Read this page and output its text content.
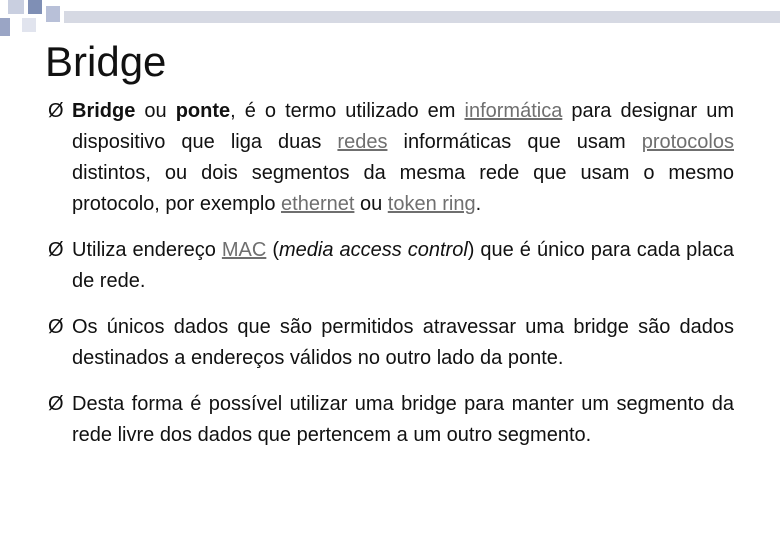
Bridge
Ø Bridge ou ponte, é o termo utilizado em informática para designar um dispositivo que liga duas redes informáticas que usam protocolos distintos, ou dois segmentos da mesma rede que usam o mesmo protocolo, por exemplo ethernet ou token ring.
Ø Utiliza endereço MAC (media access control) que é único para cada placa de rede.
Ø Os únicos dados que são permitidos atravessar uma bridge são dados destinados a endereços válidos no outro lado da ponte.
Ø Desta forma é possível utilizar uma bridge para manter um segmento da rede livre dos dados que pertencem a um outro segmento.
